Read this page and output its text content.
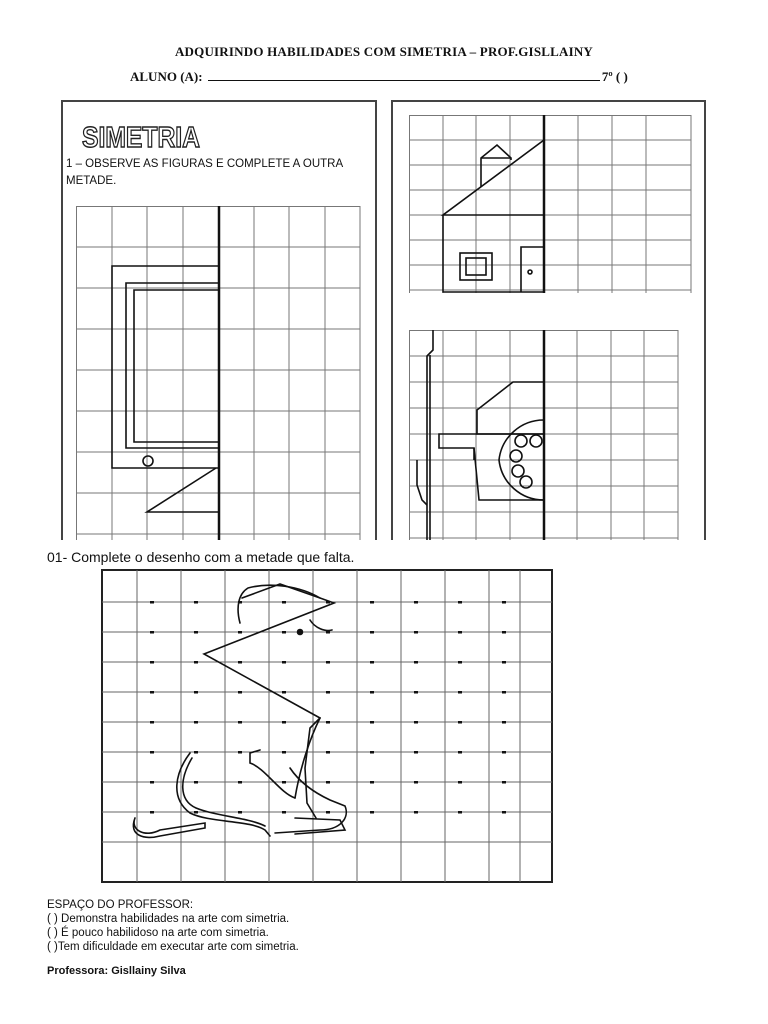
ADQUIRINDO HABILIDADES COM SIMETRIA – PROF.GISLLAINY
ALUNO (A):	7º ( )
SIMETRIA
1 – OBSERVE AS FIGURAS E COMPLETE A OUTRA
METADE.
01- Complete o desenho com a metade que falta.
ESPAÇO DO PROFESSOR:
( ) Demonstra habilidades na arte com simetria.
( ) É pouco habilidoso na arte com simetria.
( )Tem dificuldade em executar arte com simetria.
Professora: Gisllainy Silva
